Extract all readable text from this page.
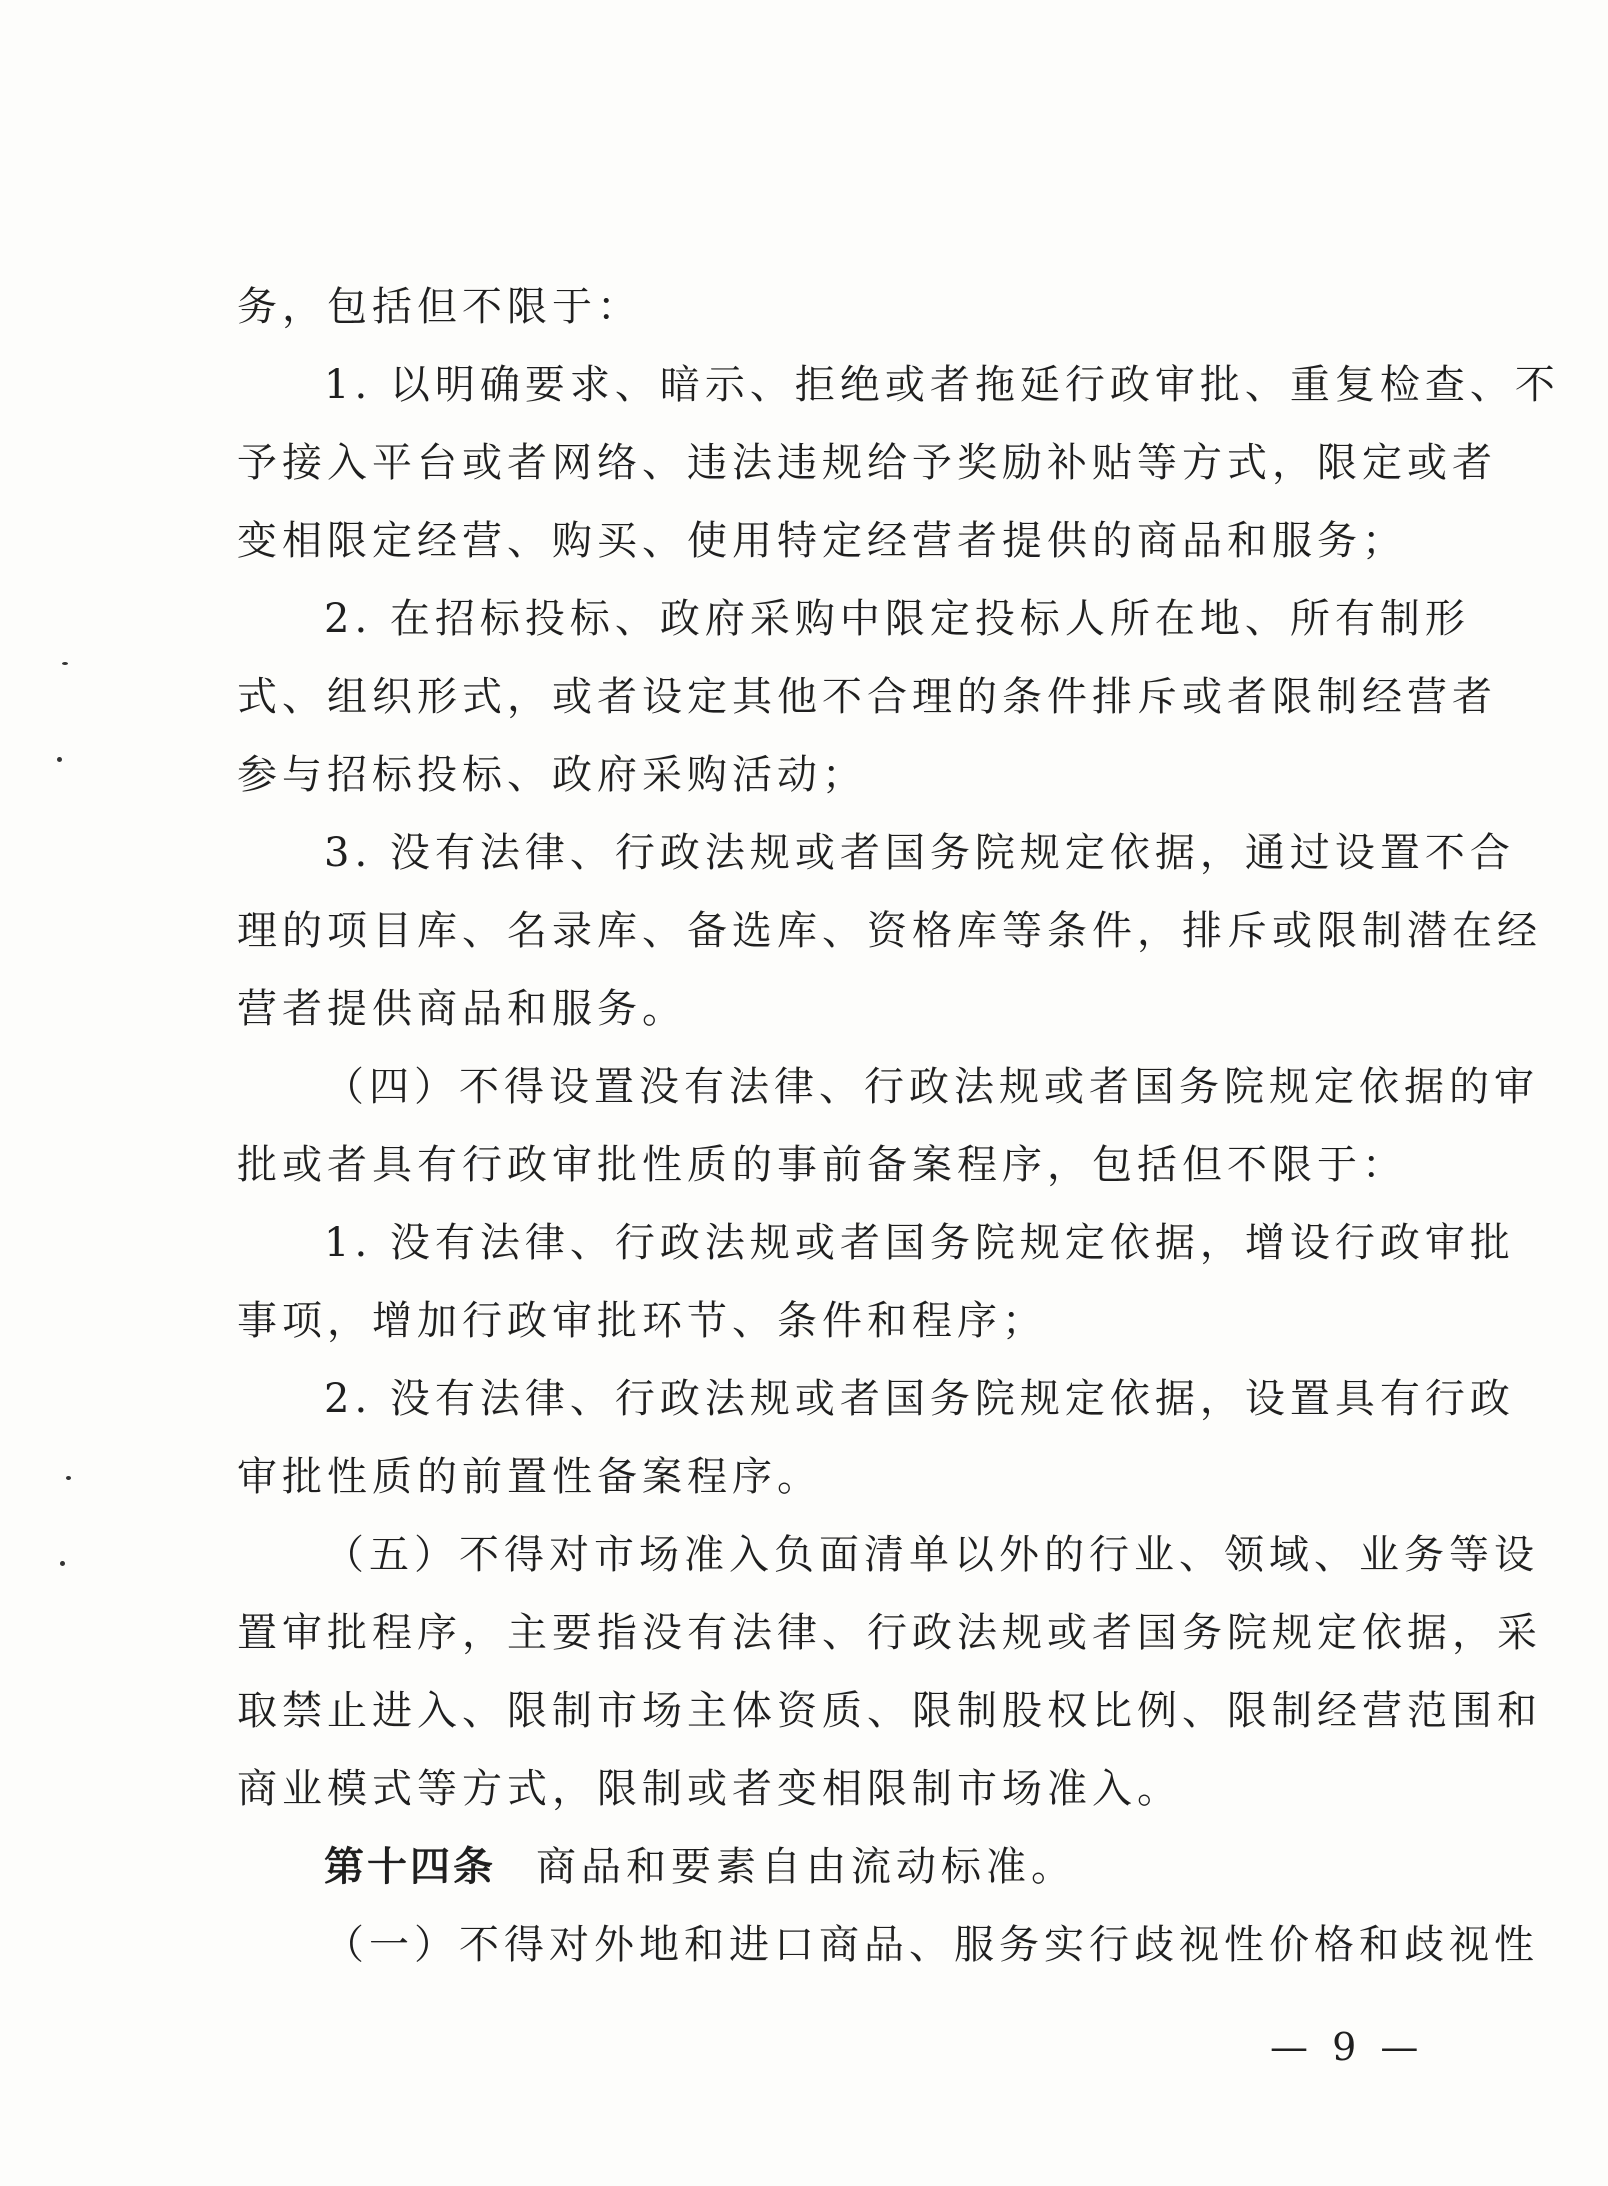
务，包括但不限于：
1. 以明确要求、暗示、拒绝或者拖延行政审批、重复检查、不
予接入平台或者网络、违法违规给予奖励补贴等方式，限定或者
变相限定经营、购买、使用特定经营者提供的商品和服务；
2. 在招标投标、政府采购中限定投标人所在地、所有制形
式、组织形式，或者设定其他不合理的条件排斥或者限制经营者
参与招标投标、政府采购活动；
3. 没有法律、行政法规或者国务院规定依据，通过设置不合
理的项目库、名录库、备选库、资格库等条件，排斥或限制潜在经
营者提供商品和服务。
（四）不得设置没有法律、行政法规或者国务院规定依据的审
批或者具有行政审批性质的事前备案程序，包括但不限于：
1. 没有法律、行政法规或者国务院规定依据，增设行政审批
事项，增加行政审批环节、条件和程序；
2. 没有法律、行政法规或者国务院规定依据，设置具有行政
审批性质的前置性备案程序。
（五）不得对市场准入负面清单以外的行业、领域、业务等设
置审批程序，主要指没有法律、行政法规或者国务院规定依据，采
取禁止进入、限制市场主体资质、限制股权比例、限制经营范围和
商业模式等方式，限制或者变相限制市场准入。
第十四条 商品和要素自由流动标准。
（一）不得对外地和进口商品、服务实行歧视性价格和歧视性
— 9 —
